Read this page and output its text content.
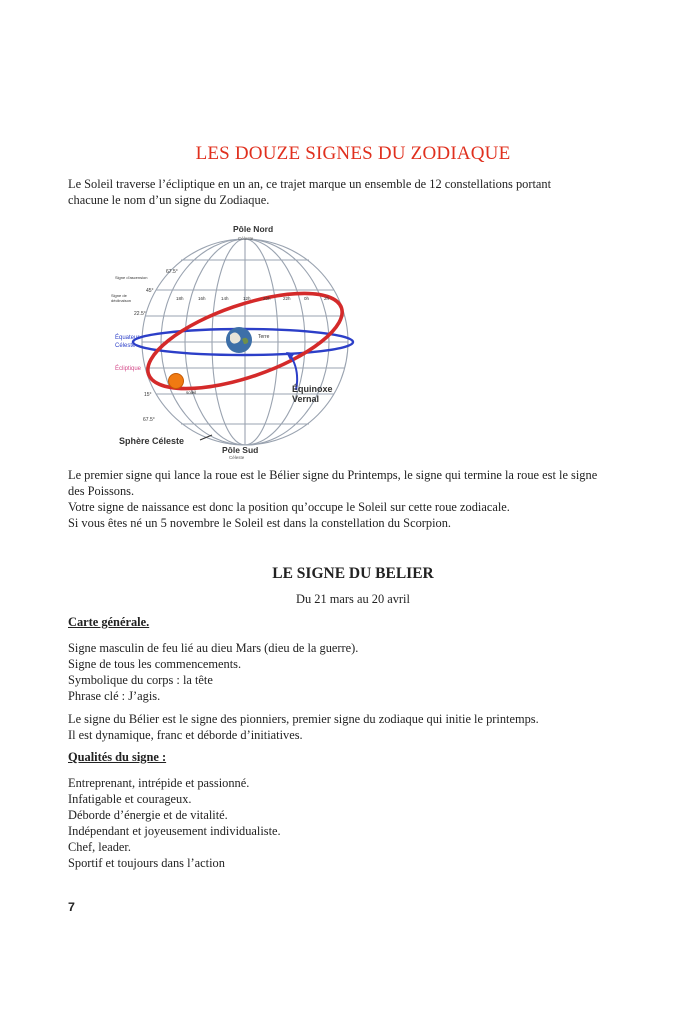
LES DOUZE SIGNES DU ZODIAQUE
Le Soleil traverse l’écliptique en un an, ce trajet marque un ensemble de 12 constellations portant
chacune le nom d’un signe du Zodiaque.
Terre
soleil
Pôle Nord
Céleste
Pôle Sud
Céleste
Sphère Céleste
Équinoxe
Vernal
Équateur
Céleste
Écliptique
Signe d’ascension
Signe de
déclinaison
67.5°
45°
22.5°
15°
67.5°
18h	16h	14h	12h	20h	22h	0h	2h
Le premier signe qui lance la roue est le Bélier signe du Printemps, le signe qui termine la roue est le signe
des Poissons.
Votre signe de naissance est donc la position qu’occupe le Soleil sur cette roue zodiacale.
Si vous êtes né un 5 novembre le Soleil est dans la constellation du Scorpion.
LE SIGNE DU BELIER
Du 21 mars au 20 avril
Carte générale.
Signe masculin de feu lié au dieu Mars (dieu de la guerre).
Signe de tous les commencements.
Symbolique du corps : la tête
Phrase clé : J’agis.
Le signe du Bélier est le signe des pionniers, premier signe du zodiaque qui initie le printemps.
Il est dynamique, franc et déborde d’initiatives.
Qualités du signe :
Entreprenant, intrépide et passionné.
Infatigable et courageux.
Déborde d’énergie et de vitalité.
Indépendant et joyeusement individualiste.
Chef, leader.
Sportif et toujours dans l’action
7
